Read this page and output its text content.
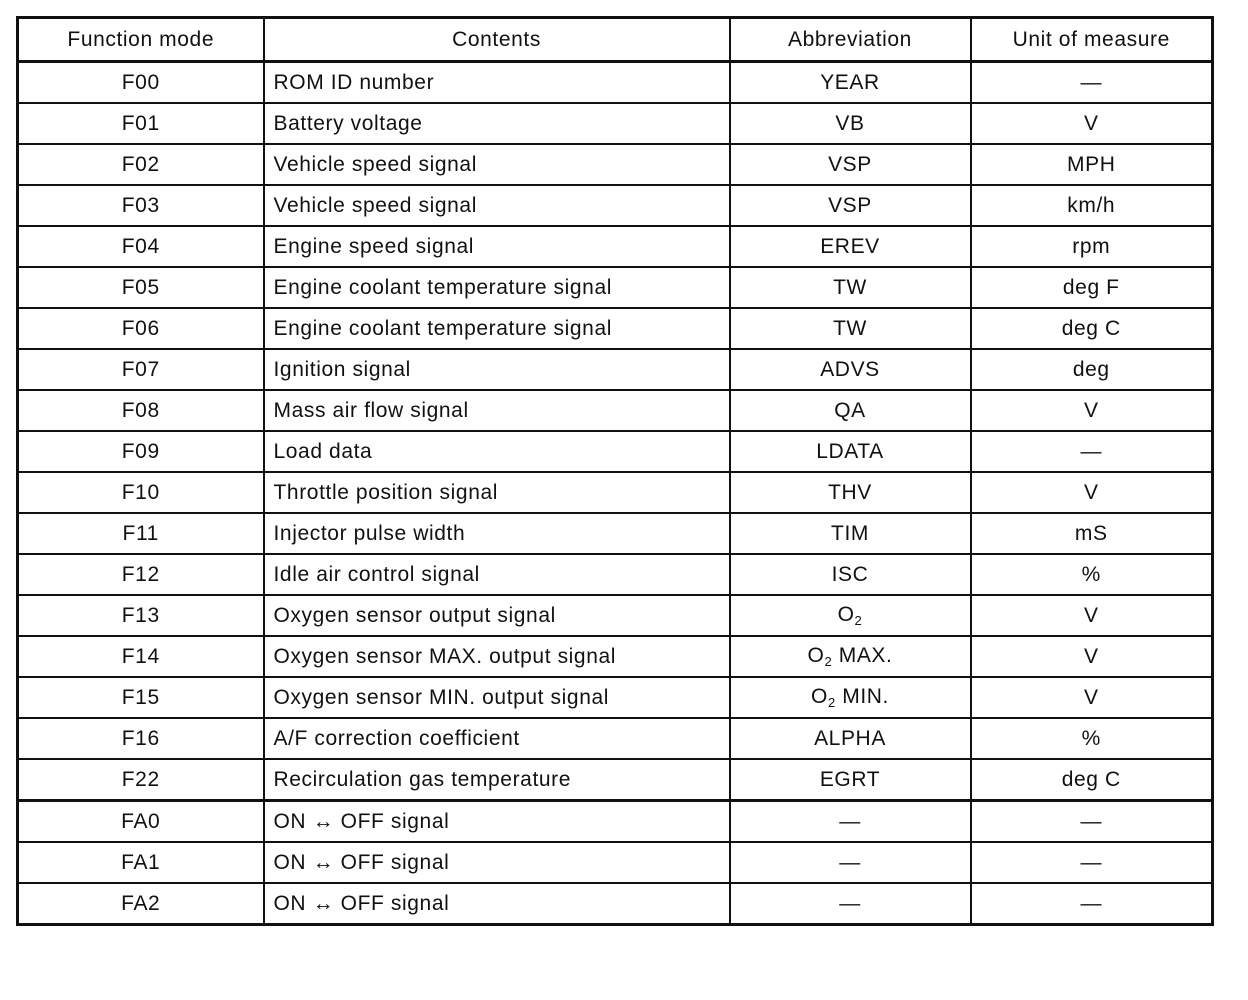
Function mode	Contents	Abbreviation	Unit of measure
F00	ROM ID number	YEAR	—
F01	Battery voltage	VB	V
F02	Vehicle speed signal	VSP	MPH
F03	Vehicle speed signal	VSP	km/h
F04	Engine speed signal	EREV	rpm
F05	Engine coolant temperature signal	TW	deg F
F06	Engine coolant temperature signal	TW	deg C
F07	Ignition signal	ADVS	deg
F08	Mass air flow signal	QA	V
F09	Load data	LDATA	—
F10	Throttle position signal	THV	V
F11	Injector pulse width	TIM	mS
F12	Idle air control signal	ISC	%
F13	Oxygen sensor output signal	$O_2$	V
F14	Oxygen sensor MAX. output signal	$O_2$ MAX.	V
F15	Oxygen sensor MIN. output signal	$O_2$ MIN.	V
F16	A/F correction coefficient	ALPHA	%
F22	Recirculation gas temperature	EGRT	deg C
FA0	ON ↔ OFF signal	—	—
FA1	ON ↔ OFF signal	—	—
FA2	ON ↔ OFF signal	—	—
